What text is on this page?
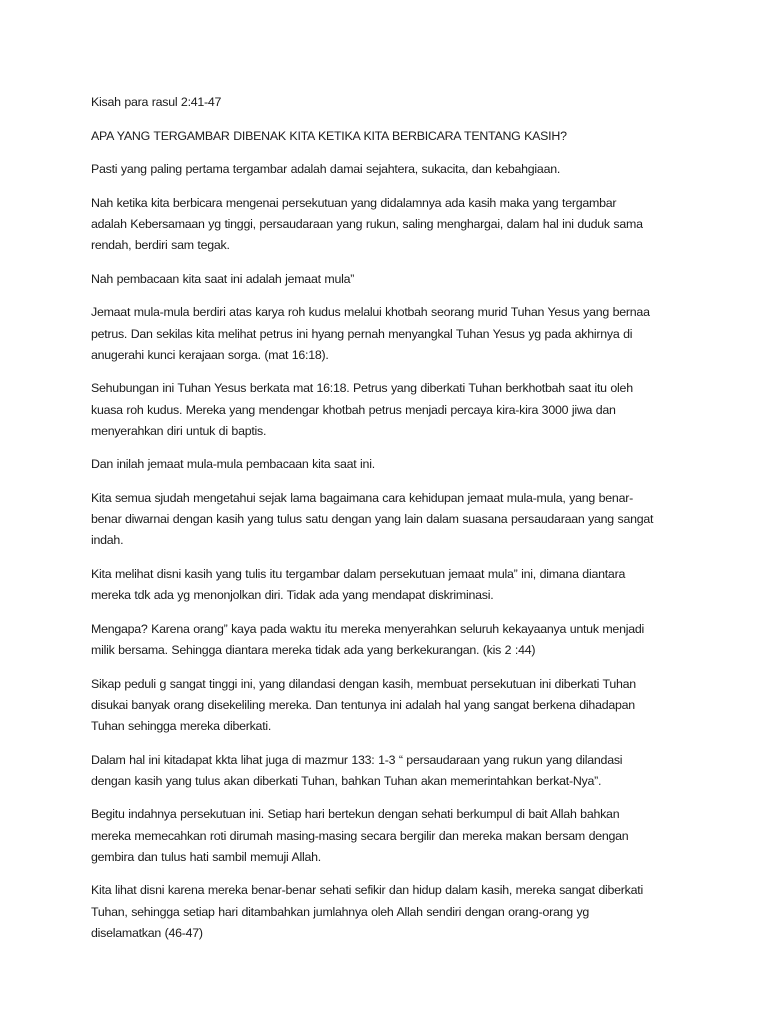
Kisah para rasul 2:41-47

APA YANG TERGAMBAR DIBENAK KITA KETIKA KITA BERBICARA TENTANG KASIH?

Pasti yang paling pertama tergambar adalah damai sejahtera, sukacita, dan kebahgiaan.

Nah ketika kita berbicara mengenai persekutuan yang didalamnya ada kasih maka yang tergambar
adalah Kebersamaan yg tinggi, persaudaraan yang rukun, saling menghargai, dalam hal ini duduk sama
rendah, berdiri sam tegak.

Nah pembacaan kita saat ini adalah jemaat mula”

Jemaat mula-mula berdiri atas karya roh kudus melalui khotbah seorang murid Tuhan Yesus yang bernaa
petrus. Dan sekilas kita melihat petrus ini hyang pernah menyangkal Tuhan Yesus yg pada akhirnya di
anugerahi kunci kerajaan sorga. (mat 16:18).

Sehubungan ini Tuhan Yesus berkata mat 16:18. Petrus yang diberkati Tuhan berkhotbah saat itu oleh
kuasa roh kudus. Mereka yang mendengar khotbah petrus menjadi percaya kira-kira 3000 jiwa dan
menyerahkan diri untuk di baptis.

Dan inilah jemaat mula-mula pembacaan kita saat ini.

Kita semua sjudah mengetahui sejak lama bagaimana cara kehidupan jemaat mula-mula, yang benar-
benar diwarnai dengan kasih yang tulus satu dengan yang lain dalam suasana persaudaraan yang sangat
indah.

Kita melihat disni kasih yang tulis itu tergambar dalam persekutuan jemaat mula” ini, dimana diantara
mereka tdk ada yg menonjolkan diri. Tidak ada yang mendapat diskriminasi.

Mengapa? Karena orang” kaya pada waktu itu mereka menyerahkan seluruh kekayaanya untuk menjadi
milik bersama. Sehingga diantara mereka tidak ada yang berkekurangan. (kis 2 :44)

Sikap peduli g sangat tinggi ini, yang dilandasi dengan kasih, membuat persekutuan ini diberkati Tuhan
disukai banyak orang disekeliling mereka. Dan tentunya ini adalah hal yang sangat berkena dihadapan
Tuhan sehingga mereka diberkati.

Dalam hal ini kitadapat kkta lihat juga di mazmur 133: 1-3 “ persaudaraan yang rukun yang dilandasi
dengan kasih yang tulus akan diberkati Tuhan, bahkan Tuhan akan memerintahkan berkat-Nya”.

Begitu indahnya persekutuan ini. Setiap hari bertekun dengan sehati berkumpul di bait Allah bahkan
mereka memecahkan roti dirumah masing-masing secara bergilir dan mereka makan bersam dengan
gembira dan tulus hati sambil memuji Allah.

Kita lihat disni karena mereka benar-benar sehati sefikir dan hidup dalam kasih, mereka sangat diberkati
Tuhan, sehingga setiap hari ditambahkan jumlahnya oleh Allah sendiri dengan orang-orang yg
diselamatkan (46-47)
